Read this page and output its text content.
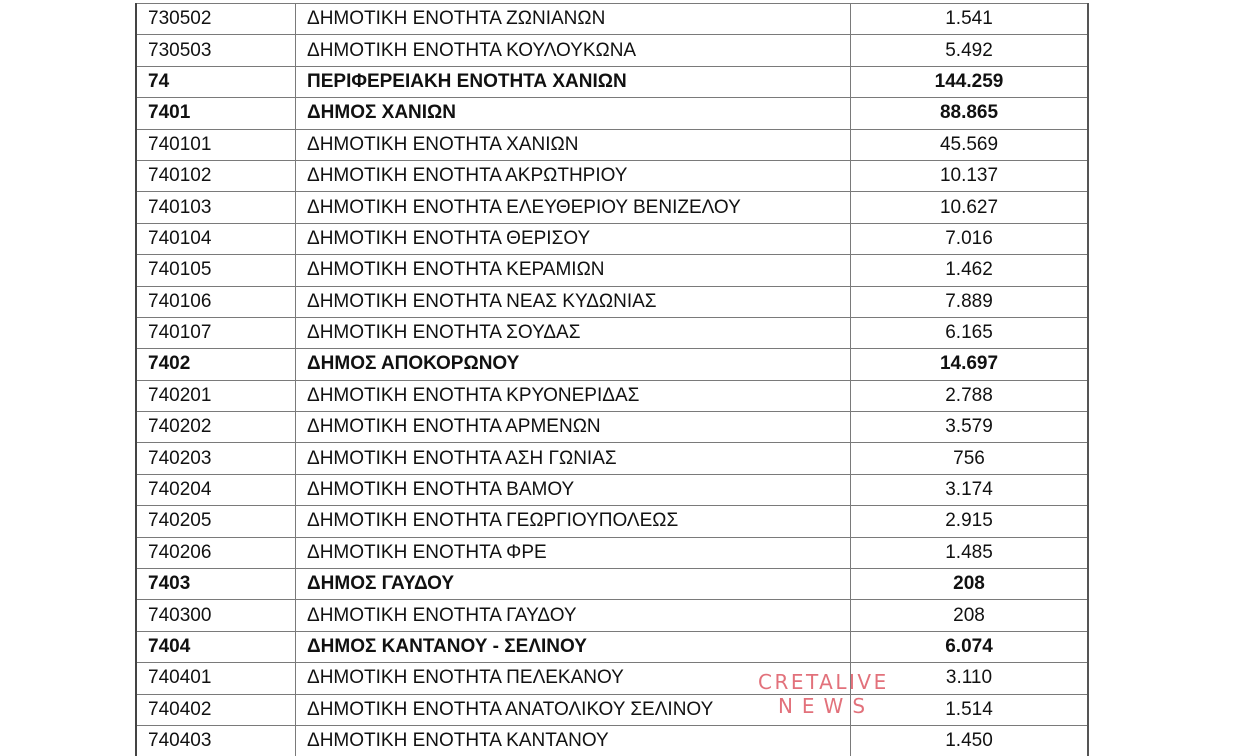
730502	ΔΗΜΟΤΙΚΗ ΕΝΟΤΗΤΑ ΖΩΝΙΑΝΩΝ	1.541
730503	ΔΗΜΟΤΙΚΗ ΕΝΟΤΗΤΑ ΚΟΥΛΟΥΚΩΝΑ	5.492
74	ΠΕΡΙΦΕΡΕΙΑΚΗ ΕΝΟΤΗΤΑ ΧΑΝΙΩΝ	144.259
7401	ΔΗΜΟΣ ΧΑΝΙΩΝ	88.865
740101	ΔΗΜΟΤΙΚΗ ΕΝΟΤΗΤΑ ΧΑΝΙΩΝ	45.569
740102	ΔΗΜΟΤΙΚΗ ΕΝΟΤΗΤΑ ΑΚΡΩΤΗΡΙΟΥ	10.137
740103	ΔΗΜΟΤΙΚΗ ΕΝΟΤΗΤΑ ΕΛΕΥΘΕΡΙΟΥ ΒΕΝΙΖΕΛΟΥ	10.627
740104	ΔΗΜΟΤΙΚΗ ΕΝΟΤΗΤΑ ΘΕΡΙΣΟΥ	7.016
740105	ΔΗΜΟΤΙΚΗ ΕΝΟΤΗΤΑ ΚΕΡΑΜΙΩΝ	1.462
740106	ΔΗΜΟΤΙΚΗ ΕΝΟΤΗΤΑ ΝΕΑΣ ΚΥΔΩΝΙΑΣ	7.889
740107	ΔΗΜΟΤΙΚΗ ΕΝΟΤΗΤΑ ΣΟΥΔΑΣ	6.165
7402	ΔΗΜΟΣ ΑΠΟΚΟΡΩΝΟΥ	14.697
740201	ΔΗΜΟΤΙΚΗ ΕΝΟΤΗΤΑ ΚΡΥΟΝΕΡΙΔΑΣ	2.788
740202	ΔΗΜΟΤΙΚΗ ΕΝΟΤΗΤΑ ΑΡΜΕΝΩΝ	3.579
740203	ΔΗΜΟΤΙΚΗ ΕΝΟΤΗΤΑ ΑΣΗ ΓΩΝΙΑΣ	756
740204	ΔΗΜΟΤΙΚΗ ΕΝΟΤΗΤΑ ΒΑΜΟΥ	3.174
740205	ΔΗΜΟΤΙΚΗ ΕΝΟΤΗΤΑ ΓΕΩΡΓΙΟΥΠΟΛΕΩΣ	2.915
740206	ΔΗΜΟΤΙΚΗ ΕΝΟΤΗΤΑ ΦΡΕ	1.485
7403	ΔΗΜΟΣ ΓΑΥΔΟΥ	208
740300	ΔΗΜΟΤΙΚΗ ΕΝΟΤΗΤΑ ΓΑΥΔΟΥ	208
7404	ΔΗΜΟΣ ΚΑΝΤΑΝΟΥ - ΣΕΛΙΝΟΥ	6.074
740401	ΔΗΜΟΤΙΚΗ ΕΝΟΤΗΤΑ ΠΕΛΕΚΑΝΟΥ	3.110
740402	ΔΗΜΟΤΙΚΗ ΕΝΟΤΗΤΑ ΑΝΑΤΟΛΙΚΟΥ ΣΕΛΙΝΟΥ	1.514
740403	ΔΗΜΟΤΙΚΗ ΕΝΟΤΗΤΑ ΚΑΝΤΑΝΟΥ	1.450
CRETALIVE
NEWS
